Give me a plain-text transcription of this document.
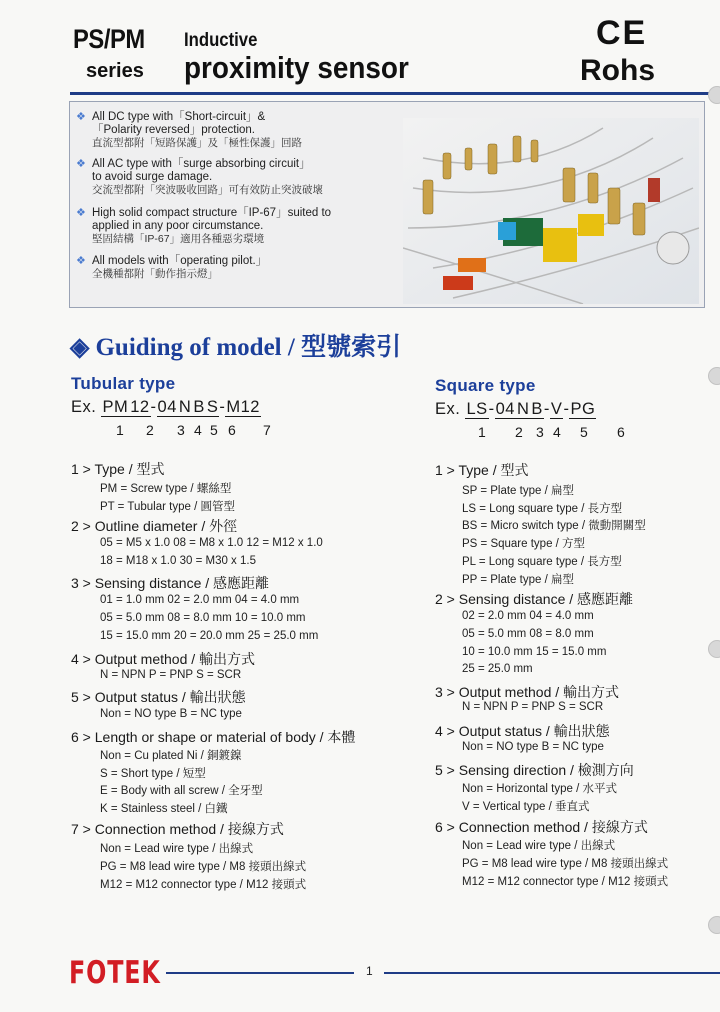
PS/PM
series
Inductive
proximity sensor
CE
Rohs
❖ All DC type with「Short-circuit」&
「Polarity reversed」protection.
直流型都附「短路保護」及「極性保護」回路
❖ All AC type with「surge absorbing circuit」
to avoid surge damage.
交流型都附「突波吸收回路」可有效防止突波破壞
❖ High solid compact structure「IP-67」suited to
applied in any poor circumstance.
堅固結構「IP-67」適用各種惡劣環境
❖ All models with「operating pilot.」
全機種都附「動作指示燈」
◈ Guiding of model / 型號索引
Tubular type
Ex. PM 12-04 N B S-M12
1 2 3 4 5 6 7
1 > Type / 型式
PM = Screw type / 螺絲型
PT = Tubular type / 圓管型
2 > Outline diameter / 外徑
05 = M5 x 1.0 08 = M8 x 1.0 12 = M12 x 1.0
18 = M18 x 1.0 30 = M30 x 1.5
3 > Sensing distance / 感應距離
01 = 1.0 mm 02 = 2.0 mm 04 = 4.0 mm
05 = 5.0 mm 08 = 8.0 mm 10 = 10.0 mm
15 = 15.0 mm 20 = 20.0 mm 25 = 25.0 mm
4 > Output method / 輸出方式
N = NPN P = PNP S = SCR
5 > Output status / 輸出狀態
Non = NO type B = NC type
6 > Length or shape or material of body / 本體
Non = Cu plated Ni / 銅鍍鎳
S = Short type / 短型
E = Body with all screw / 全牙型
K = Stainless steel / 白鐵
7 > Connection method / 接線方式
Non = Lead wire type / 出線式
PG = M8 lead wire type / M8 接頭出線式
M12 = M12 connector type / M12 接頭式
Square type
Ex. LS-04 N B-V-PG
1 2 3 4 5 6
1 > Type / 型式
SP = Plate type / 扁型
LS = Long square type / 長方型
BS = Micro switch type / 微動開關型
PS = Square type / 方型
PL = Long square type / 長方型
PP = Plate type / 扁型
2 > Sensing distance / 感應距離
02 = 2.0 mm 04 = 4.0 mm
05 = 5.0 mm 08 = 8.0 mm
10 = 10.0 mm 15 = 15.0 mm
25 = 25.0 mm
3 > Output method / 輸出方式
N = NPN P = PNP S = SCR
4 > Output status / 輸出狀態
Non = NO type B = NC type
5 > Sensing direction / 檢測方向
Non = Horizontal type / 水平式
V = Vertical type / 垂直式
6 > Connection method / 接線方式
Non = Lead wire type / 出線式
PG = M8 lead wire type / M8 接頭出線式
M12 = M12 connector type / M12 接頭式
FOTEK	1
